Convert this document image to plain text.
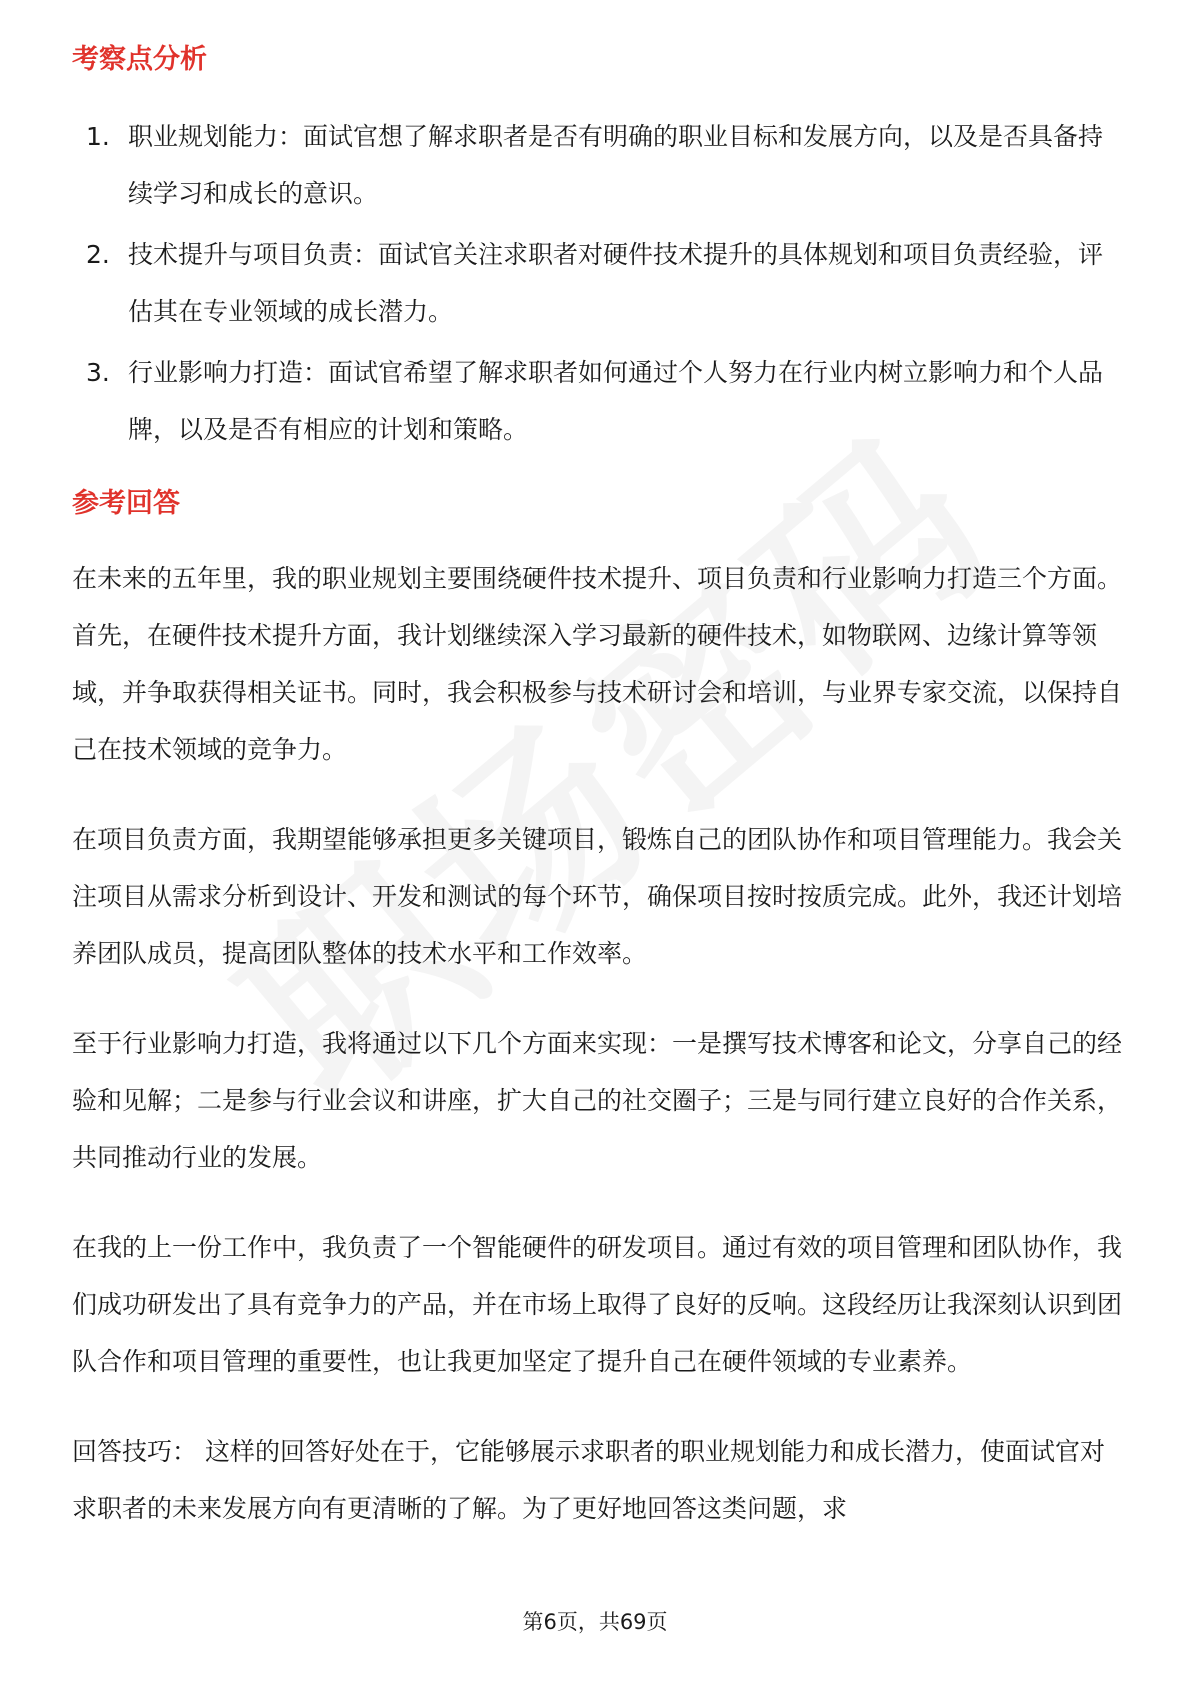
考察点分析
1. 职业规划能力：面试官想了解求职者是否有明确的职业目标和发展方向，以及是否具备持续学习和成长的意识。
2. 技术提升与项目负责：面试官关注求职者对硬件技术提升的具体规划和项目负责经验，评估其在专业领域的成长潜力。
3. 行业影响力打造：面试官希望了解求职者如何通过个人努力在行业内树立影响力和个人品牌，以及是否有相应的计划和策略。
参考回答

在未来的五年里，我的职业规划主要围绕硬件技术提升、项目负责和行业影响力打造三个方面。首先，在硬件技术提升方面，我计划继续深入学习最新的硬件技术，如物联网、边缘计算等领域，并争取获得相关证书。同时，我会积极参与技术研讨会和培训，与业界专家交流，以保持自己在技术领域的竞争力。

在项目负责方面，我期望能够承担更多关键项目，锻炼自己的团队协作和项目管理能力。我会关注项目从需求分析到设计、开发和测试的每个环节，确保项目按时按质完成。此外，我还计划培养团队成员，提高团队整体的技术水平和工作效率。

至于行业影响力打造，我将通过以下几个方面来实现：一是撰写技术博客和论文，分享自己的经验和见解；二是参与行业会议和讲座，扩大自己的社交圈子；三是与同行建立良好的合作关系，共同推动行业的发展。

在我的上一份工作中，我负责了一个智能硬件的研发项目。通过有效的项目管理和团队协作，我们成功研发出了具有竞争力的产品，并在市场上取得了良好的反响。这段经历让我深刻认识到团队合作和项目管理的重要性，也让我更加坚定了提升自己在硬件领域的专业素养。

回答技巧： 这样的回答好处在于，它能够展示求职者的职业规划能力和成长潜力，使面试官对求职者的未来发展方向有更清晰的了解。为了更好地回答这类问题，求

第6页，共69页
